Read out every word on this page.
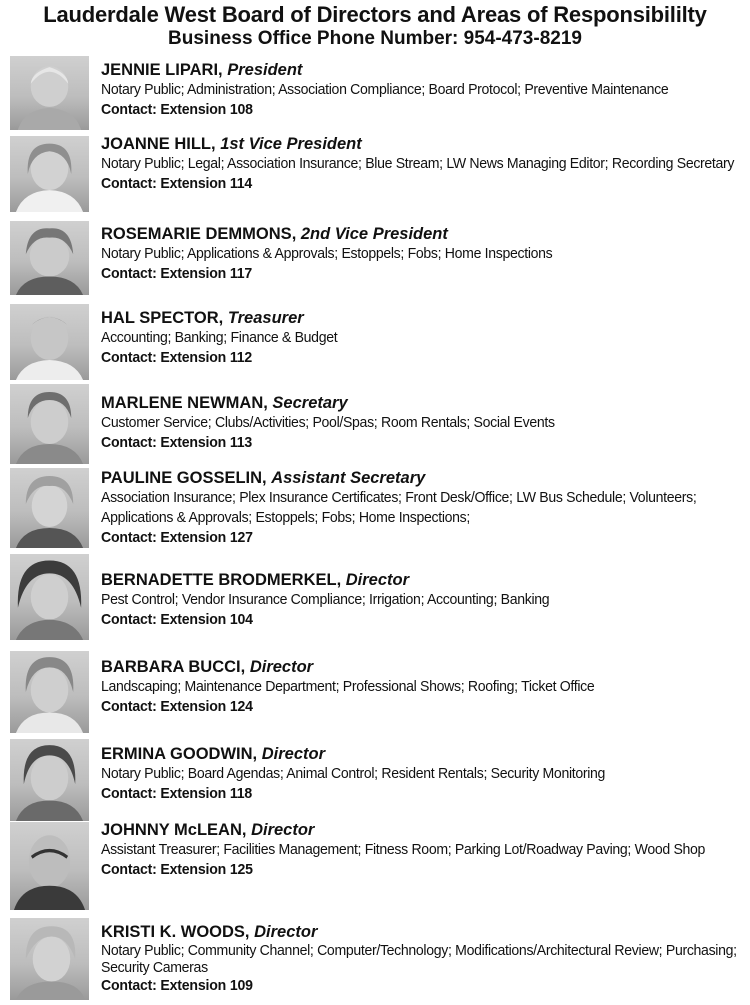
Lauderdale West Board of Directors and Areas of Responsibililty
Business Office Phone Number: 954-473-8219
JENNIE LIPARI, President
Notary Public; Administration; Association Compliance; Board Protocol; Preventive Maintenance
Contact: Extension 108
JOANNE HILL, 1st Vice President
Notary Public; Legal; Association Insurance; Blue Stream; LW News Managing Editor; Recording Secretary
Contact: Extension 114
ROSEMARIE DEMMONS, 2nd Vice President
Notary Public; Applications & Approvals; Estoppels; Fobs; Home Inspections
Contact: Extension 117
HAL SPECTOR, Treasurer
Accounting; Banking; Finance & Budget
Contact: Extension 112
MARLENE NEWMAN, Secretary
Customer Service; Clubs/Activities; Pool/Spas; Room Rentals; Social Events
Contact: Extension 113
PAULINE GOSSELIN, Assistant Secretary
Association Insurance; Plex Insurance Certificates; Front Desk/Office; LW Bus Schedule; Volunteers; Applications & Approvals; Estoppels; Fobs; Home Inspections;
Contact: Extension 127
BERNADETTE BRODMERKEL, Director
Pest Control; Vendor Insurance Compliance; Irrigation; Accounting; Banking
Contact: Extension 104
BARBARA BUCCI, Director
Landscaping; Maintenance Department; Professional Shows; Roofing; Ticket Office
Contact: Extension 124
ERMINA GOODWIN, Director
Notary Public; Board Agendas; Animal Control; Resident Rentals; Security Monitoring
Contact: Extension 118
JOHNNY McLEAN, Director
Assistant Treasurer; Facilities Management; Fitness Room; Parking Lot/Roadway Paving; Wood Shop
Contact: Extension 125
KRISTI K. WOODS, Director
Notary Public; Community Channel; Computer/Technology; Modifications/Architectural Review; Purchasing; Security Cameras
Contact: Extension 109
